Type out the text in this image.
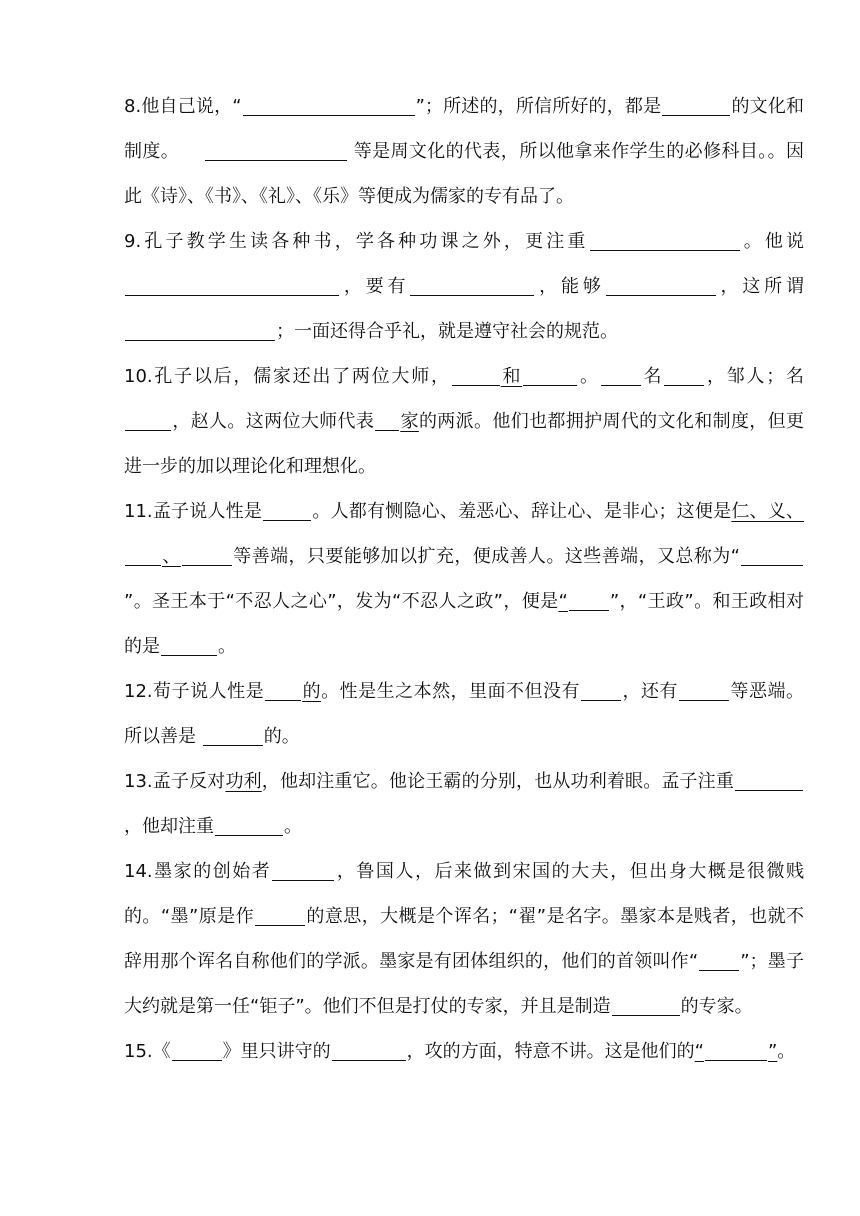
8.他自己说，“	”；所述的，所信所好的，都是	的文化和制度。	等是周文化的代表，所以他拿来作学生的必修科目。。因此《诗》、《书》、《礼》、《乐》等便成为儒家的专有品了。

9.孔子教学生读各种书，学各种功课之外，更注重	。他说，要有	，能够	，这所谓；一面还得合乎礼，就是遵守社会的规范。

10.孔子以后，儒家还出了两位大师，	和	。 名 ，邹人；名，赵人。这两位大师代表 家的两派。他们也都拥护周代的文化和制度，但更进一步的加以理论化和理想化。

11.孟子说人性是	。人都有恻隐心、羞恶心、辞让心、是非心；这便是仁、义、、	等善端，只要能够加以扩充，便成善人。这些善端，又总称为“”。圣王本于“不忍人之心”，发为“不忍人之政”，便是“ ”，“王政”。和王政相对的是	。

12.荀子说人性是 的。性是生之本然，里面不但没有 ，还有	等恶端。所以善是	的。

13.孟子反对功利，他却注重它。他论王霸的分别，也从功利着眼。孟子注重，他却注重	。

14.墨家的创始者	，鲁国人，后来做到宋国的大夫，但出身大概是很微贱的。“墨”原是作	的意思，大概是个诨名；“翟”是名字。墨家本是贱者，也就不辞用那个诨名自称他们的学派。墨家是有团体组织的，他们的首领叫作“ ”；墨子大约就是第一任“钜子”。他们不但是打仗的专家，并且是制造	的专家。

15.《	》里只讲守的	，攻的方面，特意不讲。这是他们的“	”。
